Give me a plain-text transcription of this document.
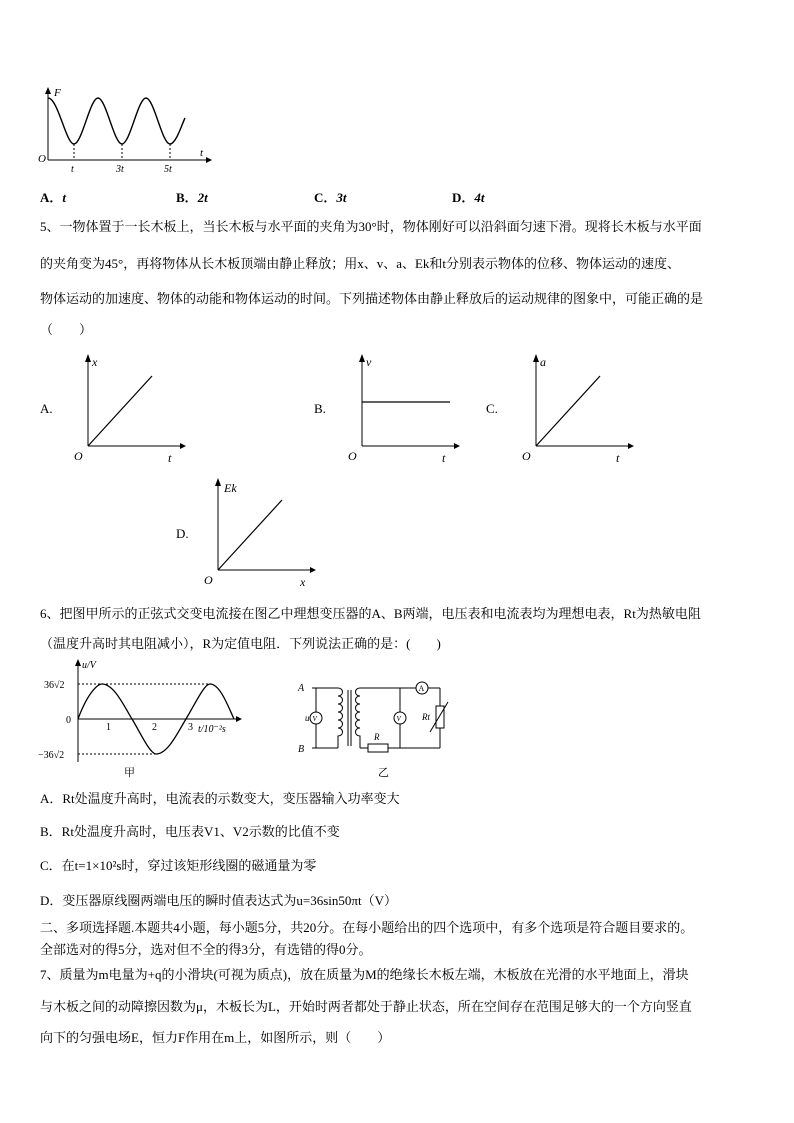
F
O
t	3t	5t
t
A．t	B．2t	C．3t	D．4t
5、一物体置于一长木板上，当长木板与水平面的夹角为30°时，物体刚好可以沿斜面匀速下滑。现将长木板与水平面
的夹角变为45°，再将物体从长木板顶端由静止释放；用x、v、a、Ek和t分别表示物体的位移、物体运动的速度、
物体运动的加速度、物体的动能和物体运动的时间。下列描述物体由静止释放后的运动规律的图象中，可能正确的是
（　　）
A.
x
O	t
B.
v
O	t
C.
a
O	t
D.
Ek
O	x
6、把图甲所示的正弦式交变电流接在图乙中理想变压器的A、B两端，电压表和电流表均为理想电表，Rt为热敏电阻
（温度升高时其电阻减小），R为定值电阻．下列说法正确的是：(　　)
u/V
36√2
0
−36√2
1	2	3 t/10⁻²s
甲
V
A
V
A
B
u
R
Rt
乙
A．Rt处温度升高时，电流表的示数变大，变压器输入功率变大
B．Rt处温度升高时，电压表V1、V2示数的比值不变
C．在t=1×10²s时，穿过该矩形线圈的磁通量为零
D．变压器原线圈两端电压的瞬时值表达式为u=36sin50πt（V）
二、多项选择题.本题共4小题，每小题5分，共20分。在每小题给出的四个选项中，有多个选项是符合题目要求的。
全部选对的得5分，选对但不全的得3分，有选错的得0分。
7、质量为m电量为+q的小滑块(可视为质点)，放在质量为M的绝缘长木板左端，木板放在光滑的水平地面上，滑块
与木板之间的动障擦因数为μ，木板长为L，开始时两者都处于静止状态，所在空间存在范围足够大的一个方向竖直
向下的匀强电场E，恒力F作用在m上，如图所示，则（　　）
